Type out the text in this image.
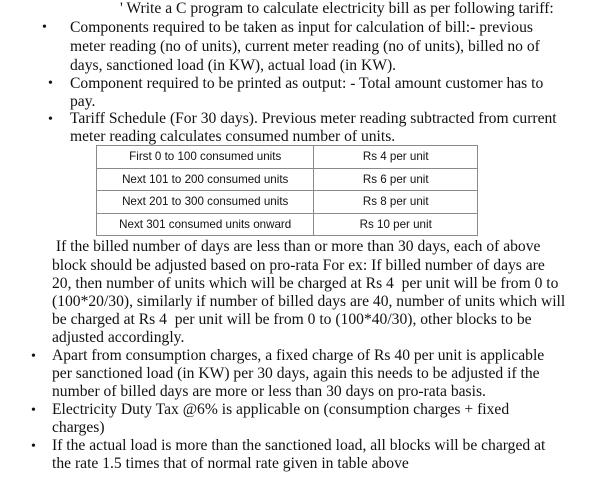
' Write a C program to calculate electricity bill as per following tariff:
• Components required to be taken as input for calculation of bill:- previous
meter reading (no of units), current meter reading (no of units), billed no of
days, sanctioned load (in KW), actual load (in KW).
• Component required to be printed as output: - Total amount customer has to
pay.
• Tariff Schedule (For 30 days). Previous meter reading subtracted from current
meter reading calculates consumed number of units.
First 0 to 100 consumed units	Rs 4 per unit
Next 101 to 200 consumed units	Rs 6 per unit
Next 201 to 300 consumed units	Rs 8 per unit
Next 301 consumed units onward	Rs 10 per unit
If the billed number of days are less than or more than 30 days, each of above
block should be adjusted based on pro-rata For ex: If billed number of days are
20, then number of units which will be charged at Rs 4  per unit will be from 0 to
(100*20/30), similarly if number of billed days are 40, number of units which will
be charged at Rs 4  per unit will be from 0 to (100*40/30), other blocks to be
adjusted accordingly.
• Apart from consumption charges, a fixed charge of Rs 40 per unit is applicable
per sanctioned load (in KW) per 30 days, again this needs to be adjusted if the
number of billed days are more or less than 30 days on pro-rata basis.
• Electricity Duty Tax @6% is applicable on (consumption charges + fixed
charges)
• If the actual load is more than the sanctioned load, all blocks will be charged at
the rate 1.5 times that of normal rate given in table above
